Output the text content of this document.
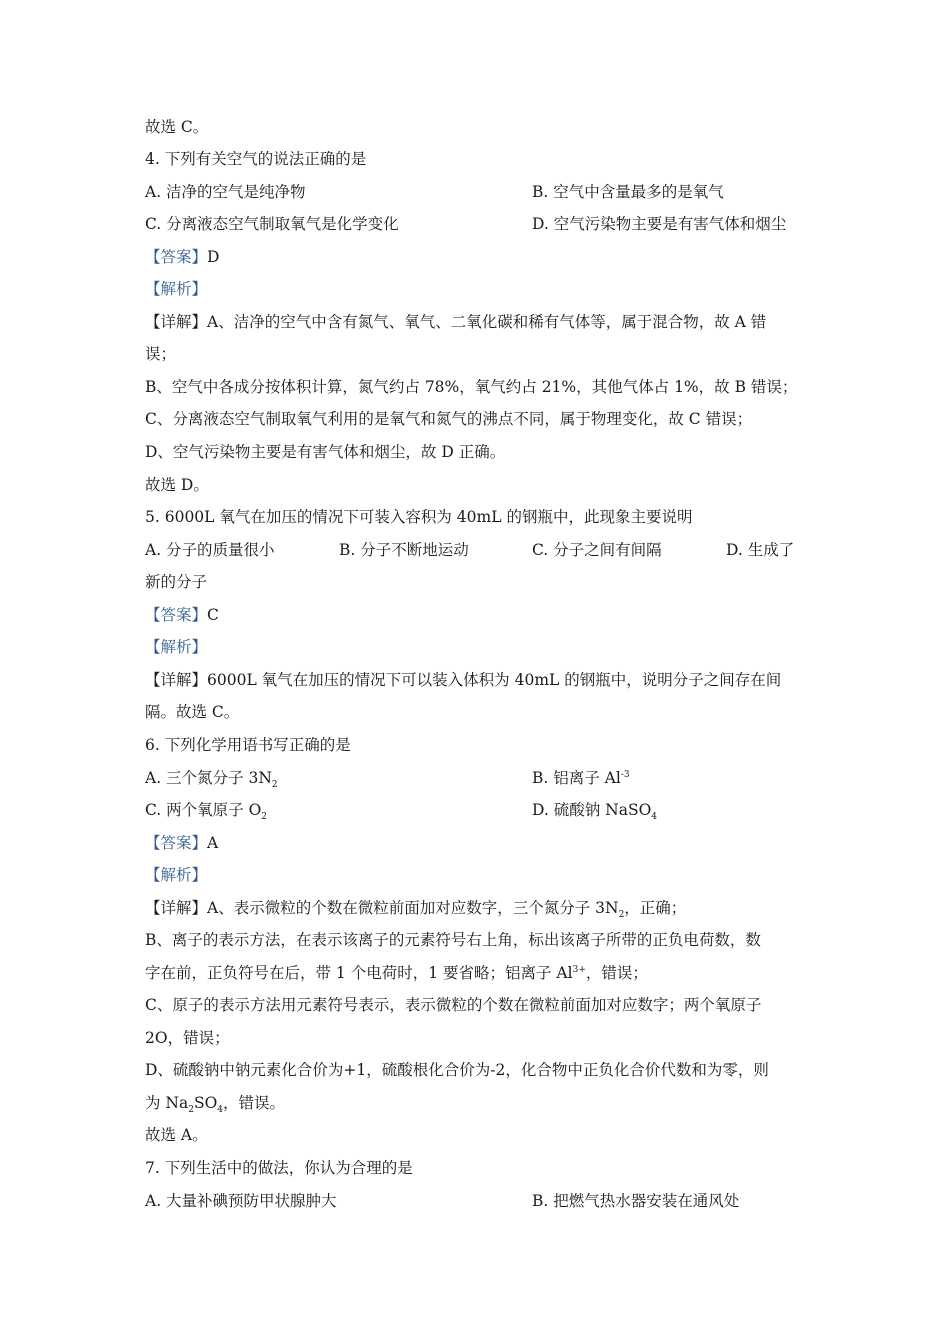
故选 C。
4. 下列有关空气的说法正确的是
A. 洁净的空气是纯净物	B. 空气中含量最多的是氧气
C. 分离液态空气制取氧气是化学变化	D. 空气污染物主要是有害气体和烟尘
【答案】D
【解析】
【详解】A、洁净的空气中含有氮气、氧气、二氧化碳和稀有气体等，属于混合物，故 A 错
误；
B、空气中各成分按体积计算，氮气约占 78%，氧气约占 21%，其他气体占 1%，故 B 错误；
C、分离液态空气制取氧气利用的是氧气和氮气的沸点不同，属于物理变化，故 C 错误；
D、空气污染物主要是有害气体和烟尘，故 D 正确。
故选 D。
5. 6000L 氧气在加压的情况下可装入容积为 40mL 的钢瓶中，此现象主要说明
A. 分子的质量很小	B. 分子不断地运动	C. 分子之间有间隔	D. 生成了
新的分子
【答案】C
【解析】
【详解】6000L 氧气在加压的情况下可以装入体积为 40mL 的钢瓶中，说明分子之间存在间
隔。故选 C。
6. 下列化学用语书写正确的是
A. 三个氮分子 $3N_2$	B. 铝离子 $Al^{-3}$
C. 两个氧原子 $O_2$	D. 硫酸钠 NaSO$_4$
【答案】A
【解析】
【详解】A、表示微粒的个数在微粒前面加对应数字，三个氮分子 $3N_2$，正确；
B、离子的表示方法，在表示该离子的元素符号右上角，标出该离子所带的正负电荷数，数
字在前，正负符号在后，带 1 个电荷时，1 要省略；铝离子 $Al^{3+}$，错误；
C、原子的表示方法用元素符号表示，表示微粒的个数在微粒前面加对应数字；两个氧原子
2O，错误；
D、硫酸钠中钠元素化合价为+1，硫酸根化合价为-2，化合物中正负化合价代数和为零，则
为 $Na_2SO_4$，错误。
故选 A。
7. 下列生活中的做法，你认为合理的是
A. 大量补碘预防甲状腺肿大	B. 把燃气热水器安装在通风处
